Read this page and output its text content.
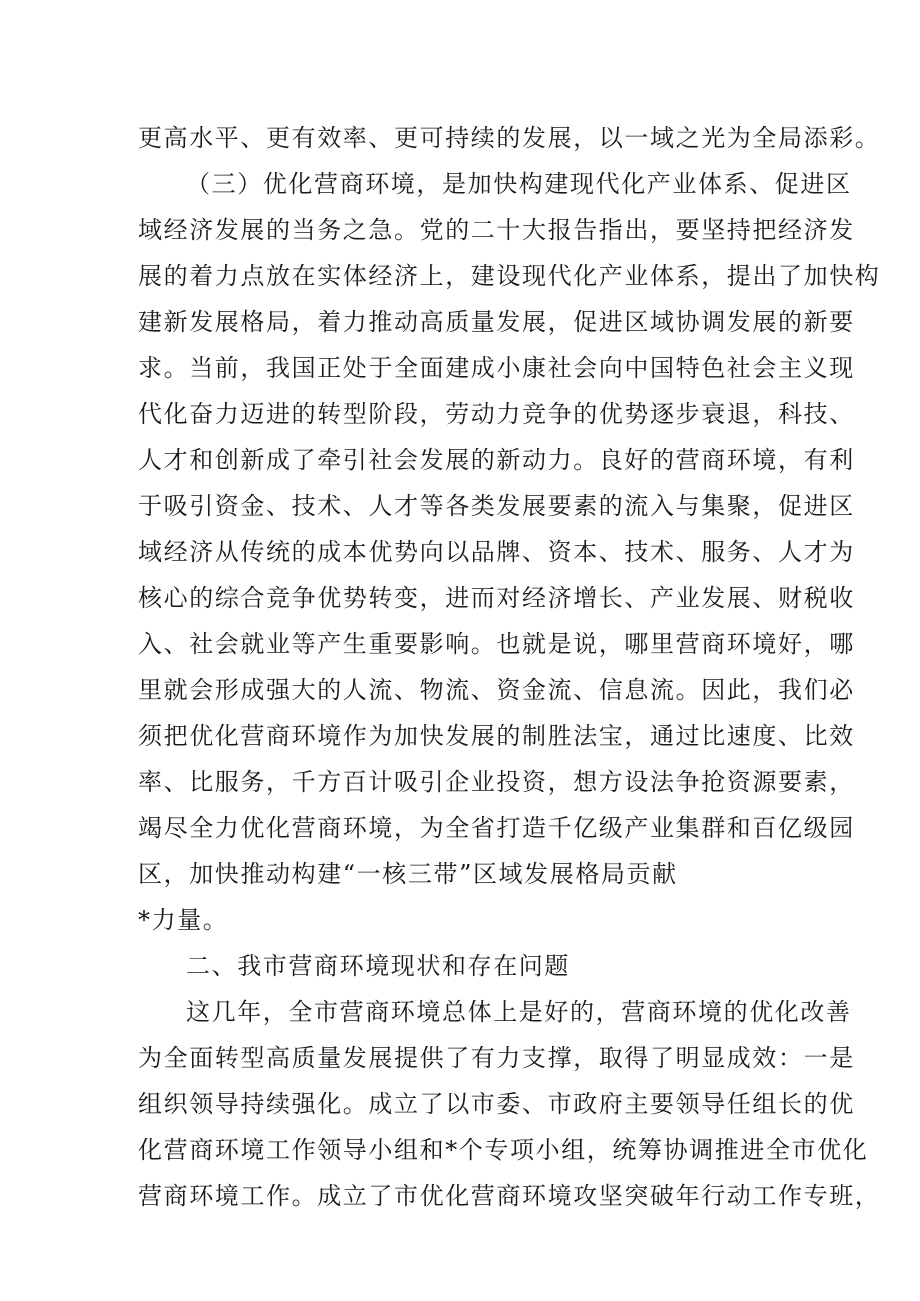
更高水平、更有效率、更可持续的发展，以一域之光为全局添彩。
（三）优化营商环境，是加快构建现代化产业体系、促进区
域经济发展的当务之急。党的二十大报告指出，要坚持把经济发
展的着力点放在实体经济上，建设现代化产业体系，提出了加快构
建新发展格局，着力推动高质量发展，促进区域协调发展的新要
求。当前，我国正处于全面建成小康社会向中国特色社会主义现
代化奋力迈进的转型阶段，劳动力竞争的优势逐步衰退，科技、
人才和创新成了牵引社会发展的新动力。良好的营商环境，有利
于吸引资金、技术、人才等各类发展要素的流入与集聚，促进区
域经济从传统的成本优势向以品牌、资本、技术、服务、人才为
核心的综合竞争优势转变，进而对经济增长、产业发展、财税收
入、社会就业等产生重要影响。也就是说，哪里营商环境好，哪
里就会形成强大的人流、物流、资金流、信息流。因此，我们必
须把优化营商环境作为加快发展的制胜法宝，通过比速度、比效
率、比服务，千方百计吸引企业投资，想方设法争抢资源要素，
竭尽全力优化营商环境，为全省打造千亿级产业集群和百亿级园
区，加快推动构建“一核三带”区域发展格局贡献
*力量。
二、我市营商环境现状和存在问题
这几年，全市营商环境总体上是好的，营商环境的优化改善
为全面转型高质量发展提供了有力支撑，取得了明显成效：一是
组织领导持续强化。成立了以市委、市政府主要领导任组长的优
化营商环境工作领导小组和*个专项小组，统筹协调推进全市优化
营商环境工作。成立了市优化营商环境攻坚突破年行动工作专班，
